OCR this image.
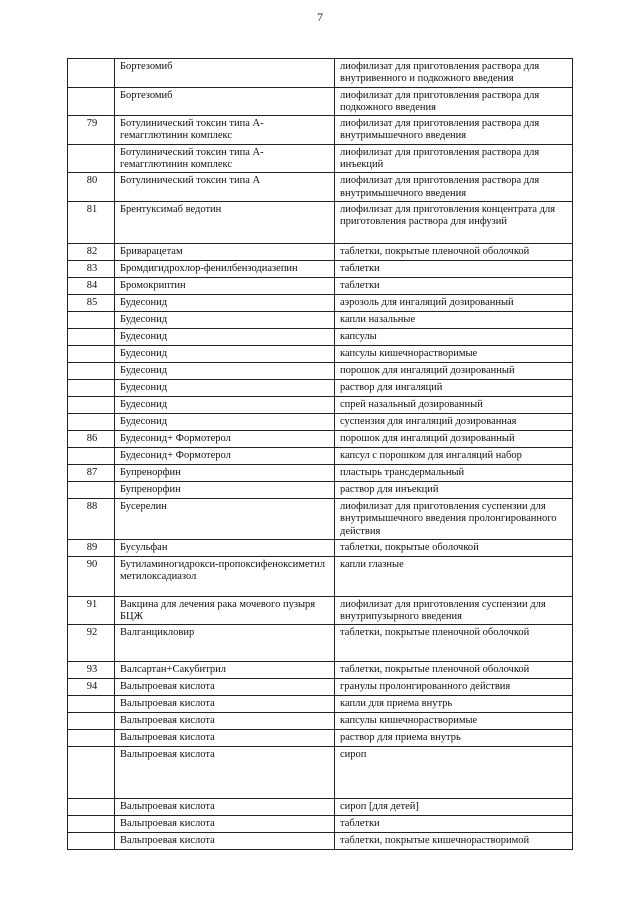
7
	Бортезомиб	лиофилизат для приготовления раствора для внутривенного и подкожного введения
	Бортезомиб	лиофилизат для приготовления раствора для подкожного введения
79	Ботулинический токсин типа А-гемагглютинин комплекс	лиофилизат для приготовления раствора для внутримышечного введения
	Ботулинический токсин типа А-гемагглютинин комплекс	лиофилизат для приготовления раствора для инъекций
80	Ботулинический токсин типа А	лиофилизат для приготовления раствора для внутримышечного введения
81	Брентуксимаб ведотин	лиофилизат для приготовления концентрата для приготовления раствора для инфузий
82	Бриварацетам	таблетки, покрытые пленочной оболочкой
83	Бромдигидрохлор-фенилбензодиазепин	таблетки
84	Бромокриптин	таблетки
85	Будесонид	аэрозоль для ингаляций дозированный
	Будесонид	капли назальные
	Будесонид	капсулы
	Будесонид	капсулы кишечнорастворимые
	Будесонид	порошок для ингаляций дозированный
	Будесонид	раствор для ингаляций
	Будесонид	спрей назальный дозированный
	Будесонид	суспензия для ингаляций дозированная
86	Будесонид+ Формотерол	порошок для ингаляций дозированный
	Будесонид+ Формотерол	капсул с порошком для ингаляций набор
87	Бупренорфин	пластырь трансдермальный
	Бупренорфин	раствор для инъекций
88	Бусерелин	лиофилизат для приготовления суспензии для внутримышечного введения пролонгированного действия
89	Бусульфан	таблетки, покрытые оболочкой
90	Бутиламиногидрокси-пропоксифеноксиметил метилоксадиазол	капли глазные
91	Вакцина для лечения рака мочевого пузыря БЦЖ	лиофилизат для приготовления суспензии для внутрипузырного введения
92	Валганцикловир	таблетки, покрытые пленочной оболочкой
93	Валсартан+Сакубитрил	таблетки, покрытые пленочной оболочкой
94	Вальпроевая кислота	гранулы пролонгированного действия
	Вальпроевая кислота	капли для приема внутрь
	Вальпроевая кислота	капсулы кишечнорастворимые
	Вальпроевая кислота	раствор для приема внутрь
	Вальпроевая кислота	сироп
	Вальпроевая кислота	сироп [для детей]
	Вальпроевая кислота	таблетки
	Вальпроевая кислота	таблетки, покрытые кишечнорастворимой
